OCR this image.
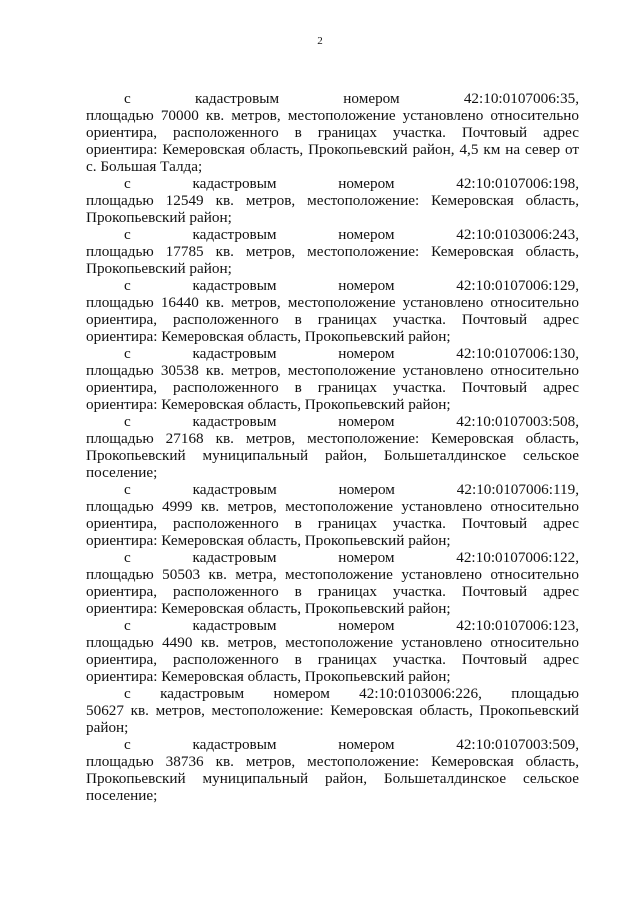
2
с	кадастровым	номером	42:10:0107006:35,

площадью 70000 кв. метров, местоположение установлено относительно ориентира, расположенного в границах участка. Почтовый адрес ориентира: Кемеровская область, Прокопьевский район, 4,5 км на север от с. Большая Талда;

с	кадастровым	номером	42:10:0107006:198,

площадью 12549 кв. метров, местоположение: Кемеровская область, Прокопьевский район;

с	кадастровым	номером	42:10:0103006:243,

площадью 17785 кв. метров, местоположение: Кемеровская область, Прокопьевский район;

с	кадастровым	номером	42:10:0107006:129,

площадью 16440 кв. метров, местоположение установлено относительно ориентира, расположенного в границах участка. Почтовый адрес ориентира: Кемеровская область, Прокопьевский район;

с	кадастровым	номером	42:10:0107006:130,

площадью 30538 кв. метров, местоположение установлено относительно ориентира, расположенного в границах участка. Почтовый адрес ориентира: Кемеровская область, Прокопьевский район;

с	кадастровым	номером	42:10:0107003:508,

площадью 27168 кв. метров, местоположение: Кемеровская область, Прокопьевский муниципальный район, Большеталдинское сельское поселение;

с	кадастровым	номером	42:10:0107006:119,

площадью 4999 кв. метров, местоположение установлено относительно ориентира, расположенного в границах участка. Почтовый адрес ориентира: Кемеровская область, Прокопьевский район;

с	кадастровым	номером	42:10:0107006:122,

площадью 50503 кв. метра, местоположение установлено относительно ориентира, расположенного в границах участка. Почтовый адрес ориентира: Кемеровская область, Прокопьевский район;

с	кадастровым	номером	42:10:0107006:123,

площадью 4490 кв. метров, местоположение установлено относительно ориентира, расположенного в границах участка. Почтовый адрес ориентира: Кемеровская область, Прокопьевский район;

с кадастровым номером 42:10:0103006:226, площадью

50627 кв. метров, местоположение: Кемеровская область, Прокопьевский район;

с	кадастровым	номером	42:10:0107003:509,

площадью 38736 кв. метров, местоположение: Кемеровская область, Прокопьевский муниципальный район, Большеталдинское сельское поселение;
